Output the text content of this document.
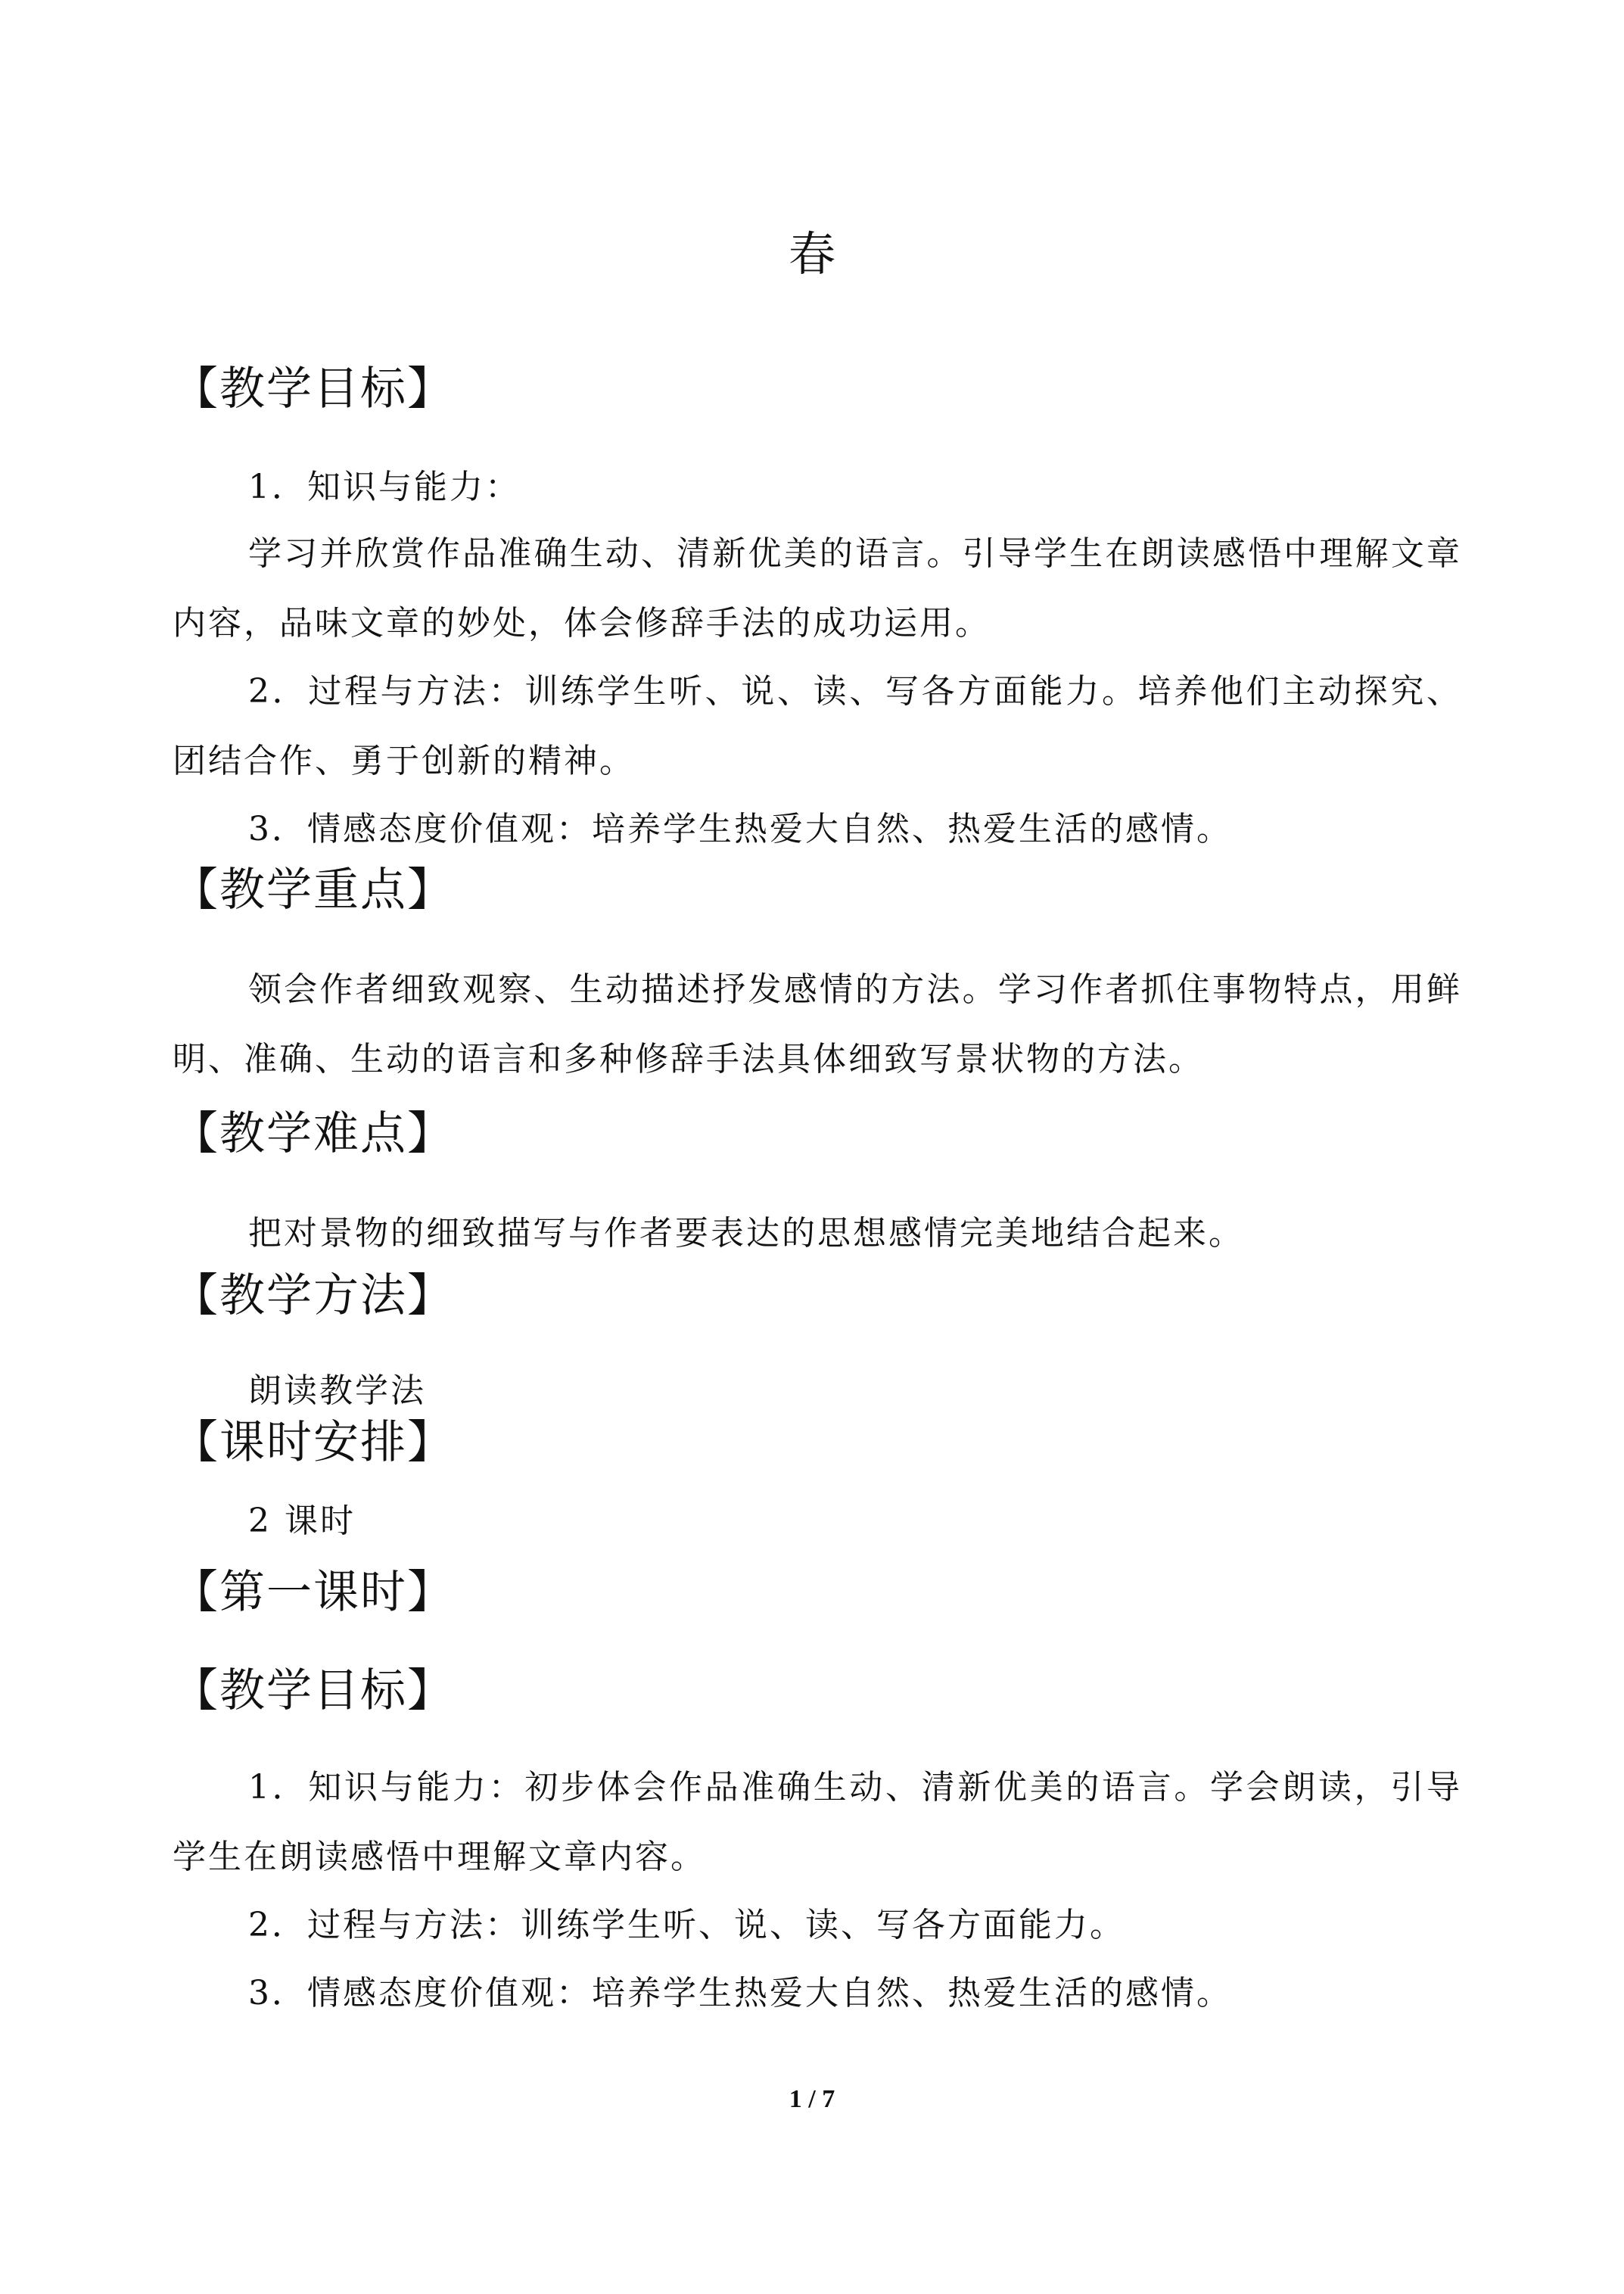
春
【教学目标】
1．知识与能力：
学习并欣赏作品准确生动、清新优美的语言。引导学生在朗读感悟中理解文章内容，品味文章的妙处，体会修辞手法的成功运用。
2．过程与方法：训练学生听、说、读、写各方面能力。培养他们主动探究、团结合作、勇于创新的精神。
3．情感态度价值观：培养学生热爱大自然、热爱生活的感情。
【教学重点】
领会作者细致观察、生动描述抒发感情的方法。学习作者抓住事物特点，用鲜明、准确、生动的语言和多种修辞手法具体细致写景状物的方法。
【教学难点】
把对景物的细致描写与作者要表达的思想感情完美地结合起来。
【教学方法】
朗读教学法
【课时安排】
2 课时
【第一课时】
【教学目标】
1．知识与能力：初步体会作品准确生动、清新优美的语言。学会朗读，引导学生在朗读感悟中理解文章内容。
2．过程与方法：训练学生听、说、读、写各方面能力。
3．情感态度价值观：培养学生热爱大自然、热爱生活的感情。
1 / 7
